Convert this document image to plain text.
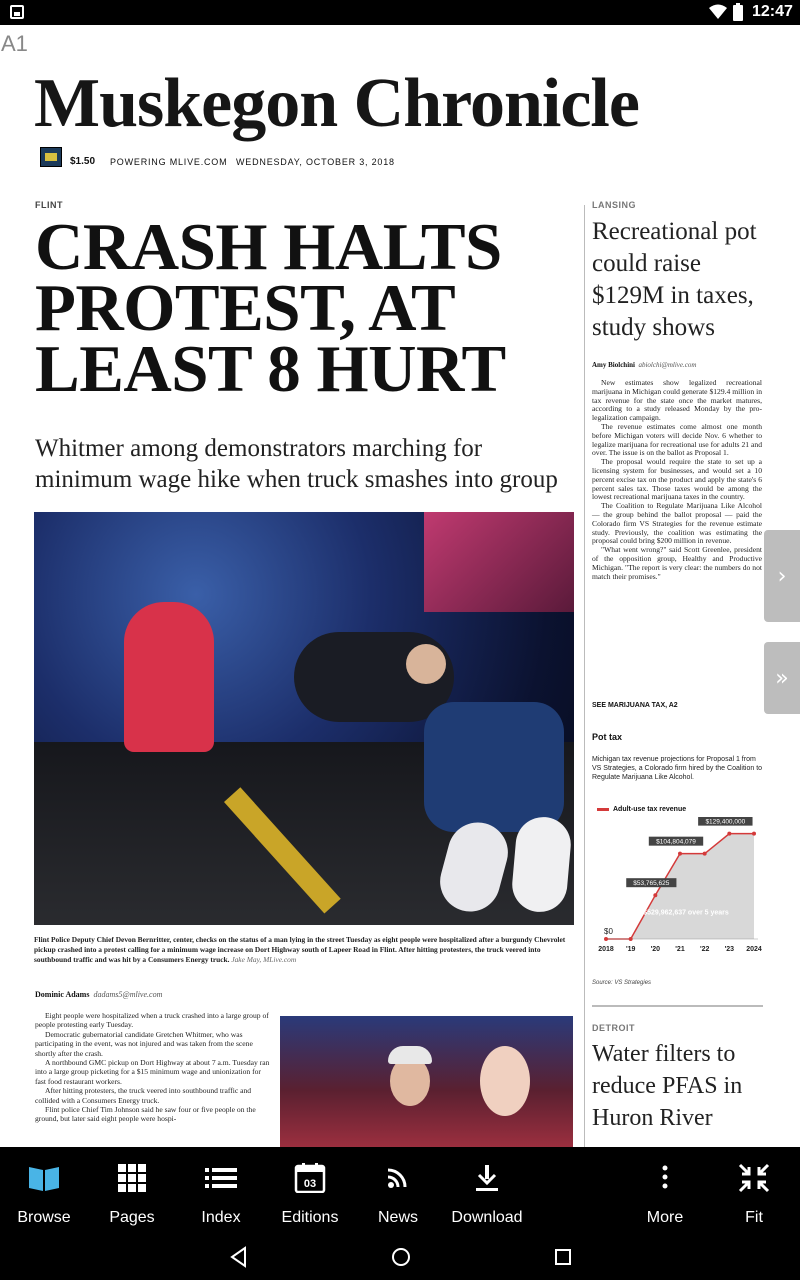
12:47
A1
Muskegon Chronicle
$1.50 POWERING MLIVE.COM WEDNESDAY, OCTOBER 3, 2018
FLINT
CRASH HALTS PROTEST, AT LEAST 8 HURT
Whitmer among demonstrators marching for minimum wage hike when truck smashes into group
Flint Police Deputy Chief Devon Bernritter, center, checks on the status of a man lying in the street Tuesday as eight people were hospitalized after a burgundy Chevrolet pickup crashed into a protest calling for a minimum wage increase on Dort Highway south of Lapeer Road in Flint. After hitting protesters, the truck veered into southbound traffic and was hit by a Consumers Energy truck. Jake May, MLive.com
Dominic Adams dadams5@mlive.com

Eight people were hospitalized when a truck crashed into a large group of people protesting early Tuesday.

Democratic gubernatorial candidate Gretchen Whitmer, who was participating in the event, was not injured and was taken from the scene shortly after the crash.

A northbound GMC pickup on Dort Highway at about 7 a.m. Tuesday ran into a large group picketing for a $15 minimum wage and unionization for fast food restaurant workers.

After hitting protesters, the truck veered into southbound traffic and collided with a Consumers Energy truck.

Flint police Chief Tim Johnson said he saw four or five people on the ground, but later said eight people were hospi-

LANSING
Recreational pot could raise $129M in taxes, study shows
Amy Biolchini abiolchi@mlive.com

New estimates show legalized recreational marijuana in Michigan could generate $129.4 million in tax revenue for the state once the market matures, according to a study released Monday by the pro-legalization campaign.

The revenue estimates come almost one month before Michigan voters will decide Nov. 6 whether to legalize marijuana for recreational use for adults 21 and over. The issue is on the ballot as Proposal 1.

The proposal would require the state to set up a licensing system for businesses, and would set a 10 percent excise tax on the product and apply the state's 6 percent sales tax. Those taxes would be among the lowest recreational marijuana taxes in the country.

The Coalition to Regulate Marijuana Like Alcohol — the group behind the ballot proposal — paid the Colorado firm VS Strategies for the revenue estimate study. Previously, the coalition was estimating the proposal could bring $200 million in revenue.

"What went wrong?" said Scott Greenlee, president of the opposition group, Healthy and Productive Michigan. "The report is very clear: the numbers do not match their promises."

SEE MARIJUANA TAX, A2
Pot tax
Michigan tax revenue projections for Proposal 1 from VS Strategies, a Colorado firm hired by the Coalition to Regulate Marijuana Like Alcohol.
Adult-use tax revenue
$53,765,625
$104,804,079
$129,400,000
$529,962,637 over 5 years
$0
2018 '19 '20 '21 '22 '23 2024
Source: VS Strategies
DETROIT
Water filters to reduce PFAS in Huron River
›
»
Browse	Pages	Index
03
Editions	News	Download	More	Fit
